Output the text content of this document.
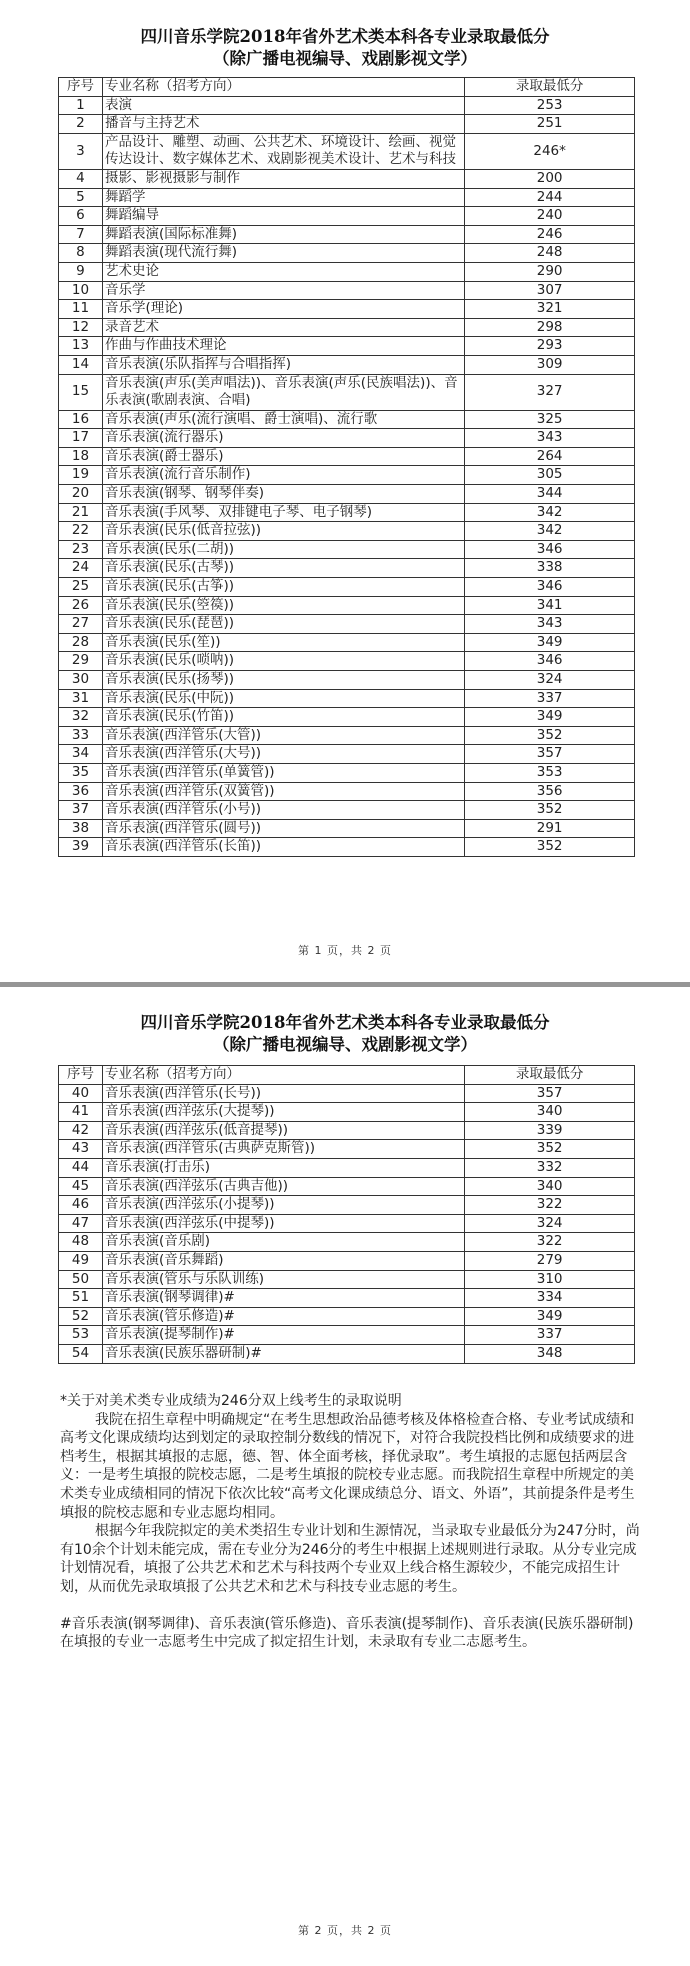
四川音乐学院2018年省外艺术类本科各专业录取最低分
（除广播电视编导、戏剧影视文学）
序号	专业名称（招考方向）	录取最低分
1	表演	253
2	播音与主持艺术	251
3	产品设计、雕塑、动画、公共艺术、环境设计、绘画、视觉传达设计、数字媒体艺术、戏剧影视美术设计、艺术与科技	246*
4	摄影、影视摄影与制作	200
5	舞蹈学	244
6	舞蹈编导	240
7	舞蹈表演(国际标准舞)	246
8	舞蹈表演(现代流行舞)	248
9	艺术史论	290
10	音乐学	307
11	音乐学(理论)	321
12	录音艺术	298
13	作曲与作曲技术理论	293
14	音乐表演(乐队指挥与合唱指挥)	309
15	音乐表演(声乐(美声唱法))、音乐表演(声乐(民族唱法))、音乐表演(歌剧表演、合唱)	327
16	音乐表演(声乐(流行演唱、爵士演唱)、流行歌	325
17	音乐表演(流行器乐)	343
18	音乐表演(爵士器乐)	264
19	音乐表演(流行音乐制作)	305
20	音乐表演(钢琴、钢琴伴奏)	344
21	音乐表演(手风琴、双排键电子琴、电子钢琴)	342
22	音乐表演(民乐(低音拉弦))	342
23	音乐表演(民乐(二胡))	346
24	音乐表演(民乐(古琴))	338
25	音乐表演(民乐(古筝))	346
26	音乐表演(民乐(箜篌))	341
27	音乐表演(民乐(琵琶))	343
28	音乐表演(民乐(笙))	349
29	音乐表演(民乐(唢呐))	346
30	音乐表演(民乐(扬琴))	324
31	音乐表演(民乐(中阮))	337
32	音乐表演(民乐(竹笛))	349
33	音乐表演(西洋管乐(大管))	352
34	音乐表演(西洋管乐(大号))	357
35	音乐表演(西洋管乐(单簧管))	353
36	音乐表演(西洋管乐(双簧管))	356
37	音乐表演(西洋管乐(小号))	352
38	音乐表演(西洋管乐(圆号))	291
39	音乐表演(西洋管乐(长笛))	352
第 1 页，共 2 页
四川音乐学院2018年省外艺术类本科各专业录取最低分
（除广播电视编导、戏剧影视文学）
序号	专业名称（招考方向）	录取最低分
40	音乐表演(西洋管乐(长号))	357
41	音乐表演(西洋弦乐(大提琴))	340
42	音乐表演(西洋弦乐(低音提琴))	339
43	音乐表演(西洋管乐(古典萨克斯管))	352
44	音乐表演(打击乐)	332
45	音乐表演(西洋弦乐(古典吉他))	340
46	音乐表演(西洋弦乐(小提琴))	322
47	音乐表演(西洋弦乐(中提琴))	324
48	音乐表演(音乐剧)	322
49	音乐表演(音乐舞蹈)	279
50	音乐表演(管乐与乐队训练)	310
51	音乐表演(钢琴调律)#	334
52	音乐表演(管乐修造)#	349
53	音乐表演(提琴制作)#	337
54	音乐表演(民族乐器研制)#	348

*关于对美术类专业成绩为246分双上线考生的录取说明

我院在招生章程中明确规定“在考生思想政治品德考核及体格检查合格、专业考试成绩和高考文化课成绩均达到划定的录取控制分数线的情况下，对符合我院投档比例和成绩要求的进档考生，根据其填报的志愿，德、智、体全面考核，择优录取”。考生填报的志愿包括两层含义：一是考生填报的院校志愿，二是考生填报的院校专业志愿。而我院招生章程中所规定的美术类专业成绩相同的情况下依次比较“高考文化课成绩总分、语文、外语”，其前提条件是考生填报的院校志愿和专业志愿均相同。

根据今年我院拟定的美术类招生专业计划和生源情况，当录取专业最低分为247分时，尚有10余个计划未能完成，需在专业分为246分的考生中根据上述规则进行录取。从分专业完成计划情况看，填报了公共艺术和艺术与科技两个专业双上线合格生源较少，不能完成招生计划，从而优先录取填报了公共艺术和艺术与科技专业志愿的考生。

#音乐表演(钢琴调律)、音乐表演(管乐修造)、音乐表演(提琴制作)、音乐表演(民族乐器研制)在填报的专业一志愿考生中完成了拟定招生计划，未录取有专业二志愿考生。

第 2 页，共 2 页
